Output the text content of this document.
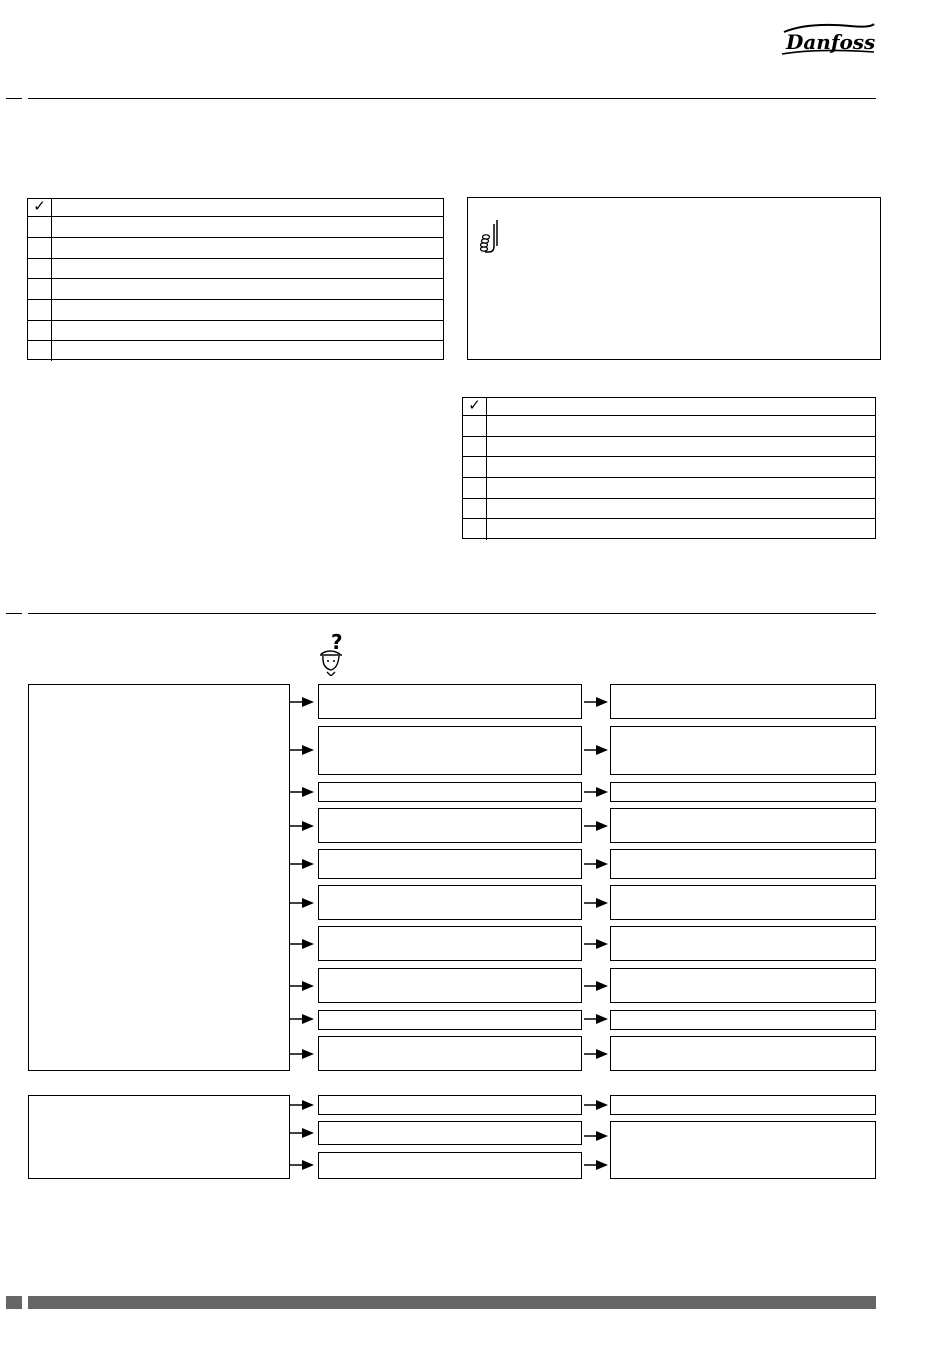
Danfoss
✓
✓
?
